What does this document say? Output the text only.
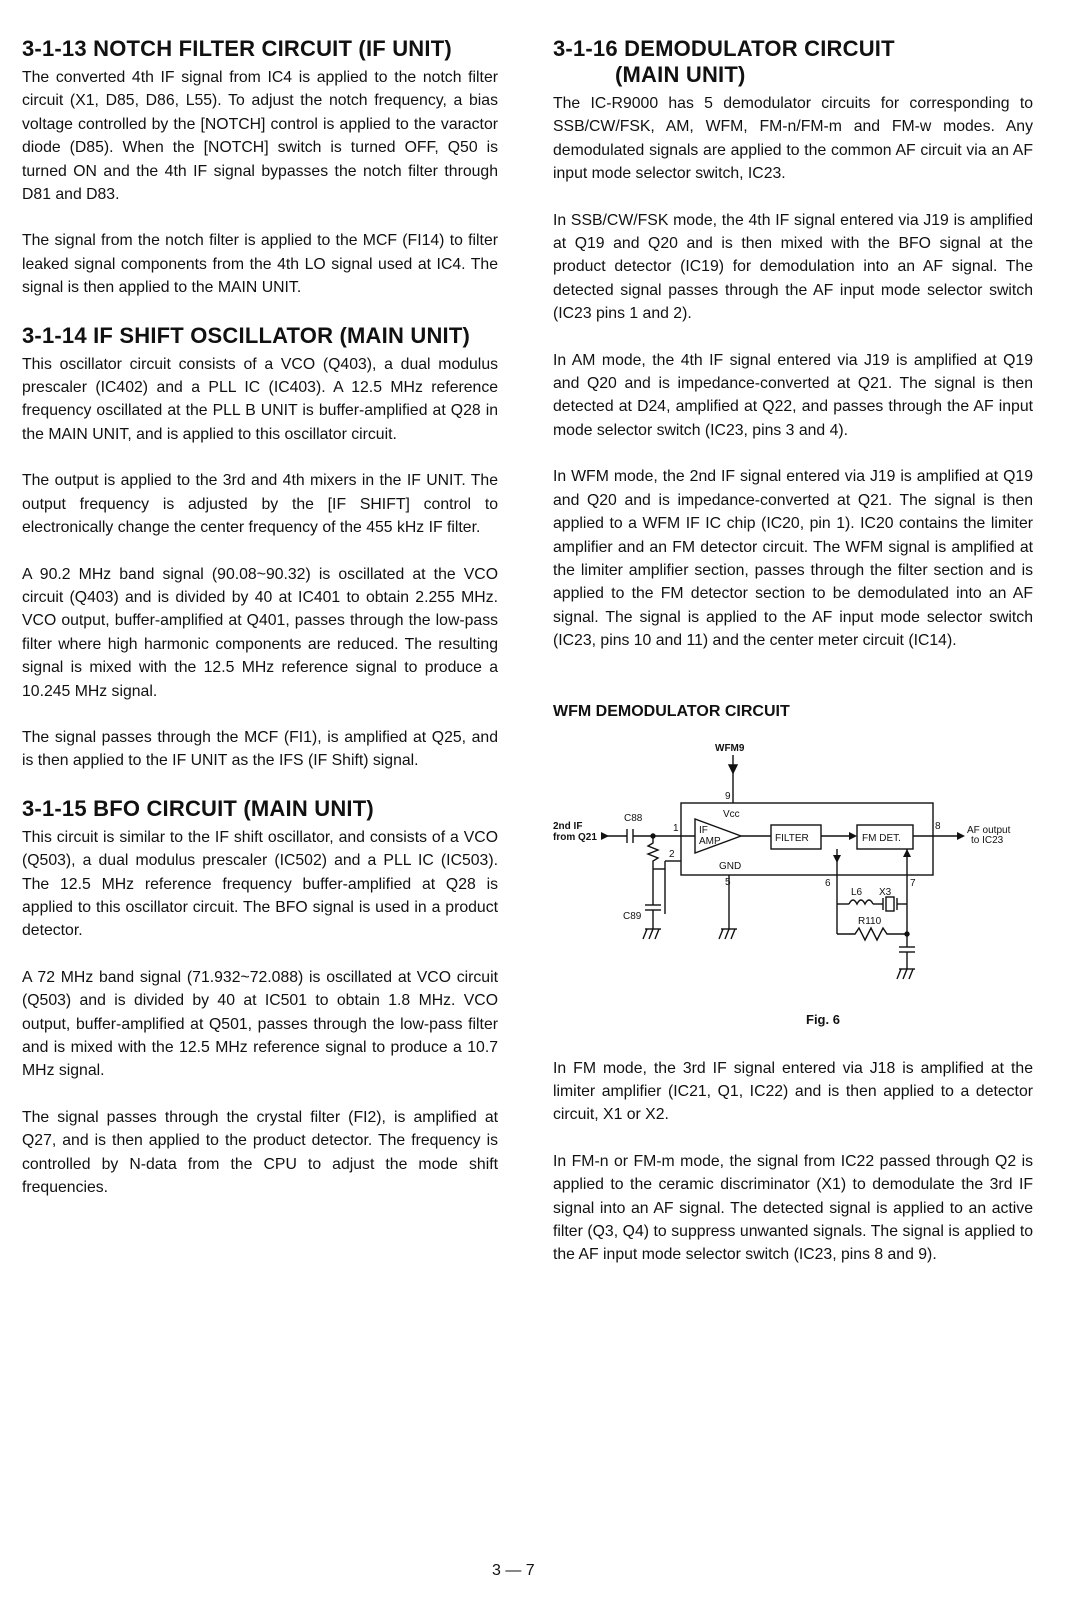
3-1-13 NOTCH FILTER CIRCUIT (IF UNIT)

The converted 4th IF signal from IC4 is applied to the notch filter circuit (X1, D85, D86, L55). To adjust the notch frequency, a bias voltage controlled by the [NOTCH] control is applied to the varactor diode (D85). When the [NOTCH] switch is turned OFF, Q50 is turned ON and the 4th IF signal bypasses the notch filter through D81 and D83.

The signal from the notch filter is applied to the MCF (FI14) to filter leaked signal components from the 4th LO signal used at IC4. The signal is then applied to the MAIN UNIT.

3-1-14 IF SHIFT OSCILLATOR (MAIN UNIT)

This oscillator circuit consists of a VCO (Q403), a dual modulus prescaler (IC402) and a PLL IC (IC403). A 12.5 MHz reference frequency oscillated at the PLL B UNIT is buffer-amplified at Q28 in the MAIN UNIT, and is applied to this oscillator circuit.

The output is applied to the 3rd and 4th mixers in the IF UNIT. The output frequency is adjusted by the [IF SHIFT] control to electronically change the center frequency of the 455 kHz IF filter.

A 90.2 MHz band signal (90.08~90.32) is oscillated at the VCO circuit (Q403) and is divided by 40 at IC401 to obtain 2.255 MHz. VCO output, buffer-amplified at Q401, passes through the low-pass filter where high harmonic components are reduced. The resulting signal is mixed with the 12.5 MHz reference signal to produce a 10.245 MHz signal.

The signal passes through the MCF (FI1), is amplified at Q25, and is then applied to the IF UNIT as the IFS (IF Shift) signal.

3-1-15 BFO CIRCUIT (MAIN UNIT)

This circuit is similar to the IF shift oscillator, and consists of a VCO (Q503), a dual modulus prescaler (IC502) and a PLL IC (IC503). The 12.5 MHz reference frequency buffer-amplified at Q28 is applied to this oscillator circuit. The BFO signal is used in a product detector.

A 72 MHz band signal (71.932~72.088) is oscillated at VCO circuit (Q503) and is divided by 40 at IC501 to obtain 1.8 MHz. VCO output, buffer-amplified at Q501, passes through the low-pass filter and is mixed with the 12.5 MHz reference signal to produce a 10.7 MHz signal.

The signal passes through the crystal filter (FI2), is amplified at Q27, and is then applied to the product detector. The frequency is controlled by N-data from the CPU to adjust the mode shift frequencies.

3-1-16 DEMODULATOR CIRCUIT
(MAIN UNIT)

The IC-R9000 has 5 demodulator circuits for corresponding to SSB/CW/FSK, AM, WFM, FM-n/FM-m and FM-w modes. Any demodulated signals are applied to the common AF circuit via an AF input mode selector switch, IC23.

In SSB/CW/FSK mode, the 4th IF signal entered via J19 is amplified at Q19 and Q20 and is then mixed with the BFO signal at the product detector (IC19) for demodulation into an AF signal. The detected signal passes through the AF input mode selector switch (IC23 pins 1 and 2).

In AM mode, the 4th IF signal entered via J19 is amplified at Q19 and Q20 and is impedance-converted at Q21. The signal is then detected at D24, amplified at Q22, and passes through the AF input mode selector switch (IC23, pins 3 and 4).

In WFM mode, the 2nd IF signal entered via J19 is amplified at Q19 and Q20 and is impedance-converted at Q21. The signal is then applied to a WFM IF IC chip (IC20, pin 1). IC20 contains the limiter amplifier and an FM detector circuit. The WFM signal is amplified at the limiter amplifier section, passes through the filter section and is applied to the FM detector section to be demodulated into an AF signal. The signal is applied to the AF input mode selector switch (IC23, pins 10 and 11) and the center meter circuit (IC14).

WFM DEMODULATOR CIRCUIT
WFM9
9
Vcc
2nd IF
from Q21
C88
1
2
C89
IF
AMP	FILTER	FM DET.
8	AF output
to IC23
GND
5	6	7
L6 X3
R110
Fig. 6

In FM mode, the 3rd IF signal entered via J18 is amplified at the limiter amplifier (IC21, Q1, IC22) and is then applied to a detector circuit, X1 or X2.

In FM-n or FM-m mode, the signal from IC22 passed through Q2 is applied to the ceramic discriminator (X1) to demodulate the 3rd IF signal into an AF signal. The detected signal is applied to an active filter (Q3, Q4) to suppress unwanted signals. The signal is applied to the AF input mode selector switch (IC23, pins 8 and 9).

3 — 7
